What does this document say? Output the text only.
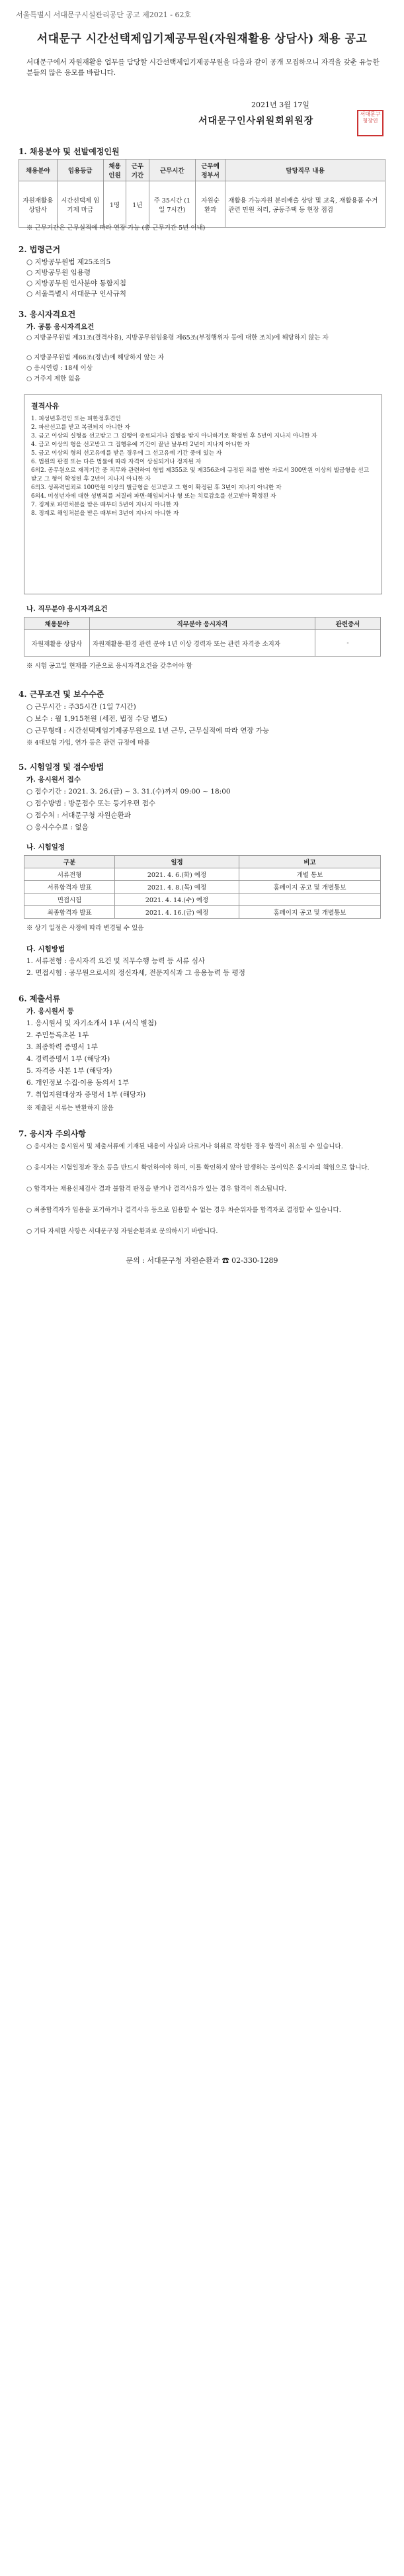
서울특별시 서대문구시설관리공단 공고 제2021 - 62호
서대문구 시간선택제임기제공무원(자원재활용 상담사) 채용 공고
서대문구에서 자원재활용 업무를 담당할 시간선택제임기제공무원을 다음과 같이 공개 모집하오니 자격을 갖춘 유능한 분들의 많은 응모를 바랍니다.
2021년 3월 17일
서대문구인사위원회위원장
서대문구청장인
1. 채용분야 및 선발예정인원
채용분야	임용등급	채용인원	근무기간	근무시간	근무예정부서	담당직무 내용
자원재활용 상담사	시간선택제 임기제 마급	1명	1년	주 35시간 (1일 7시간)	자원순환과	재활용 가능자원 분리배출 상담 및 교육, 재활용품 수거 관련 민원 처리, 공동주택 등 현장 점검
※ 근무기간은 근무실적에 따라 연장 가능 (총 근무기간 5년 이내)
2. 법령근거
○ 지방공무원법 제25조의5
○ 지방공무원 임용령
○ 지방공무원 인사분야 통합지침
○ 서울특별시 서대문구 인사규칙
3. 응시자격요건
가. 공통 응시자격요건
○ 지방공무원법 제31조(결격사유), 지방공무원임용령 제65조(부정행위자 등에 대한 조치)에 해당하지 않는 자
○ 지방공무원법 제66조(정년)에 해당하지 않는 자
○ 응시연령 : 18세 이상
○ 거주지 제한 없음
결격사유
1. 피성년후견인 또는 피한정후견인
2. 파산선고를 받고 복권되지 아니한 자
3. 금고 이상의 실형을 선고받고 그 집행이 종료되거나 집행을 받지 아니하기로 확정된 후 5년이 지나지 아니한 자
4. 금고 이상의 형을 선고받고 그 집행유예 기간이 끝난 날부터 2년이 지나지 아니한 자
5. 금고 이상의 형의 선고유예를 받은 경우에 그 선고유예 기간 중에 있는 자
6. 법원의 판결 또는 다른 법률에 따라 자격이 상실되거나 정지된 자
6의2. 공무원으로 재직기간 중 직무와 관련하여 형법 제355조 및 제356조에 규정된 죄를 범한 자로서 300만원 이상의 벌금형을 선고받고 그 형이 확정된 후 2년이 지나지 아니한 자
6의3. 성폭력범죄로 100만원 이상의 벌금형을 선고받고 그 형이 확정된 후 3년이 지나지 아니한 자
6의4. 미성년자에 대한 성범죄를 저질러 파면·해임되거나 형 또는 치료감호를 선고받아 확정된 자
7. 징계로 파면처분을 받은 때부터 5년이 지나지 아니한 자
8. 징계로 해임처분을 받은 때부터 3년이 지나지 아니한 자
나. 직무분야 응시자격요건
채용분야	직무분야 응시자격	관련증서
자원재활용 상담사	자원재활용·환경 관련 분야 1년 이상 경력자 또는 관련 자격증 소지자	-
※ 시험 공고일 현재를 기준으로 응시자격요건을 갖추어야 함
4. 근무조건 및 보수수준
○ 근무시간 : 주35시간 (1일 7시간)
○ 보수 : 월 1,915천원 (세전, 법정 수당 별도)
○ 근무형태 : 시간선택제임기제공무원으로 1년 근무, 근무실적에 따라 연장 가능
※ 4대보험 가입, 연가 등은 관련 규정에 따름
5. 시험일정 및 접수방법
가. 응시원서 접수
○ 접수기간 : 2021. 3. 26.(금) ~ 3. 31.(수)까지 09:00 ~ 18:00
○ 접수방법 : 방문접수 또는 등기우편 접수
○ 접수처 : 서대문구청 자원순환과
○ 응시수수료 : 없음
나. 시험일정
구분	일정	비고
서류전형	2021. 4. 6.(화) 예정	개별 통보
서류합격자 발표	2021. 4. 8.(목) 예정	홈페이지 공고 및 개별통보
면접시험	2021. 4. 14.(수) 예정	
최종합격자 발표	2021. 4. 16.(금) 예정	홈페이지 공고 및 개별통보
※ 상기 일정은 사정에 따라 변경될 수 있음
다. 시험방법
1. 서류전형 : 응시자격 요건 및 직무수행 능력 등 서류 심사
2. 면접시험 : 공무원으로서의 정신자세, 전문지식과 그 응용능력 등 평정
6. 제출서류
가. 응시원서 등
1. 응시원서 및 자기소개서 1부 (서식 별첨)
2. 주민등록초본 1부
3. 최종학력 증명서 1부
4. 경력증명서 1부 (해당자)
5. 자격증 사본 1부 (해당자)
6. 개인정보 수집·이용 동의서 1부
7. 취업지원대상자 증명서 1부 (해당자)
※ 제출된 서류는 반환하지 않음
7. 응시자 주의사항
○ 응시자는 응시원서 및 제출서류에 기재된 내용이 사실과 다르거나 허위로 작성한 경우 합격이 취소될 수 있습니다.
○ 응시자는 시험일정과 장소 등을 반드시 확인하여야 하며, 이를 확인하지 않아 발생하는 불이익은 응시자의 책임으로 합니다.
○ 합격자는 채용신체검사 결과 불합격 판정을 받거나 결격사유가 있는 경우 합격이 취소됩니다.
○ 최종합격자가 임용을 포기하거나 결격사유 등으로 임용할 수 없는 경우 차순위자를 합격자로 결정할 수 있습니다.
○ 기타 자세한 사항은 서대문구청 자원순환과로 문의하시기 바랍니다.
문의 : 서대문구청 자원순환과 ☎ 02-330-1289
